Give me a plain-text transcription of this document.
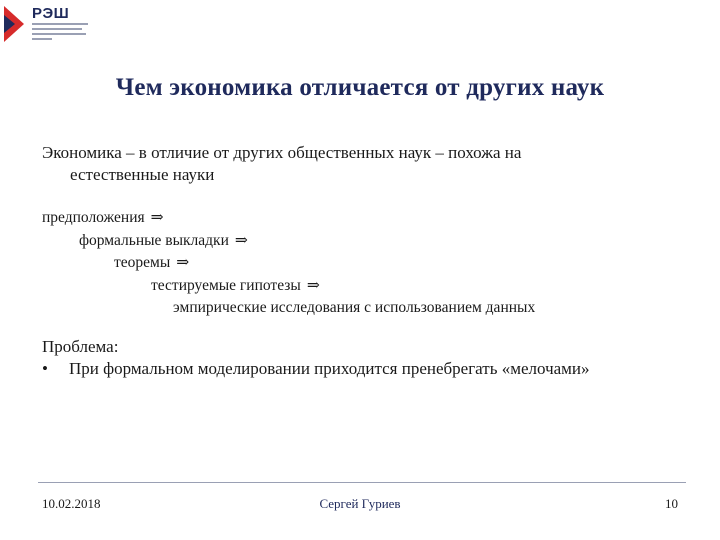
РЭШ
Чем экономика отличается от других наук
Экономика – в отличие от других общественных наук – похожа на
естественные науки
предположения ⇒
формальные выкладки ⇒
теоремы ⇒
тестируемые гипотезы ⇒
эмпирические исследования с использованием данных
Проблема:
• При формальном моделировании приходится пренебрегать «мелочами»
10.02.2018	Сергей Гуриев	10
